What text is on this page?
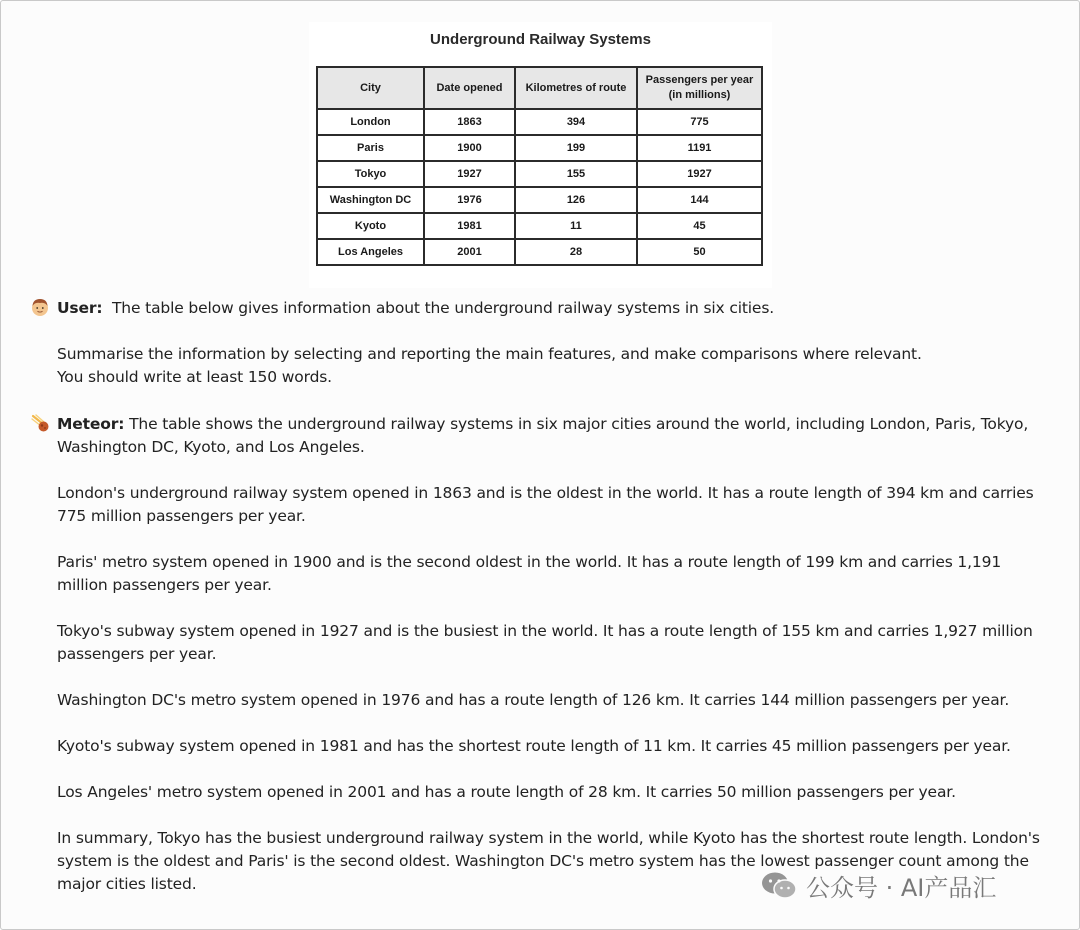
Underground Railway Systems
City	Date opened	Kilometres of route	Passengers per year
(in millions)
London	1863	394	775
Paris	1900	199	1191
Tokyo	1927	155	1927
Washington DC	1976	126	144
Kyoto	1981	11	45
Los Angeles	2001	28	50

User: The table below gives information about the underground railway systems in six cities.

Summarise the information by selecting and reporting the main features, and make comparisons where relevant.

You should write at least 150 words.

Meteor: The table shows the underground railway systems in six major cities around the world, including London, Paris, Tokyo, Washington DC, Kyoto, and Los Angeles.

London's underground railway system opened in 1863 and is the oldest in the world. It has a route length of 394 km and carries 775 million passengers per year.

Paris' metro system opened in 1900 and is the second oldest in the world. It has a route length of 199 km and carries 1,191 million passengers per year.

Tokyo's subway system opened in 1927 and is the busiest in the world. It has a route length of 155 km and carries 1,927 million passengers per year.

Washington DC's metro system opened in 1976 and has a route length of 126 km. It carries 144 million passengers per year.

Kyoto's subway system opened in 1981 and has the shortest route length of 11 km. It carries 45 million passengers per year.

Los Angeles' metro system opened in 2001 and has a route length of 28 km. It carries 50 million passengers per year.

In summary, Tokyo has the busiest underground railway system in the world, while Kyoto has the shortest route length. London's system is the oldest and Paris' is the second oldest. Washington DC's metro system has the lowest passenger count among the major cities listed.	公众号 · AI产品汇
